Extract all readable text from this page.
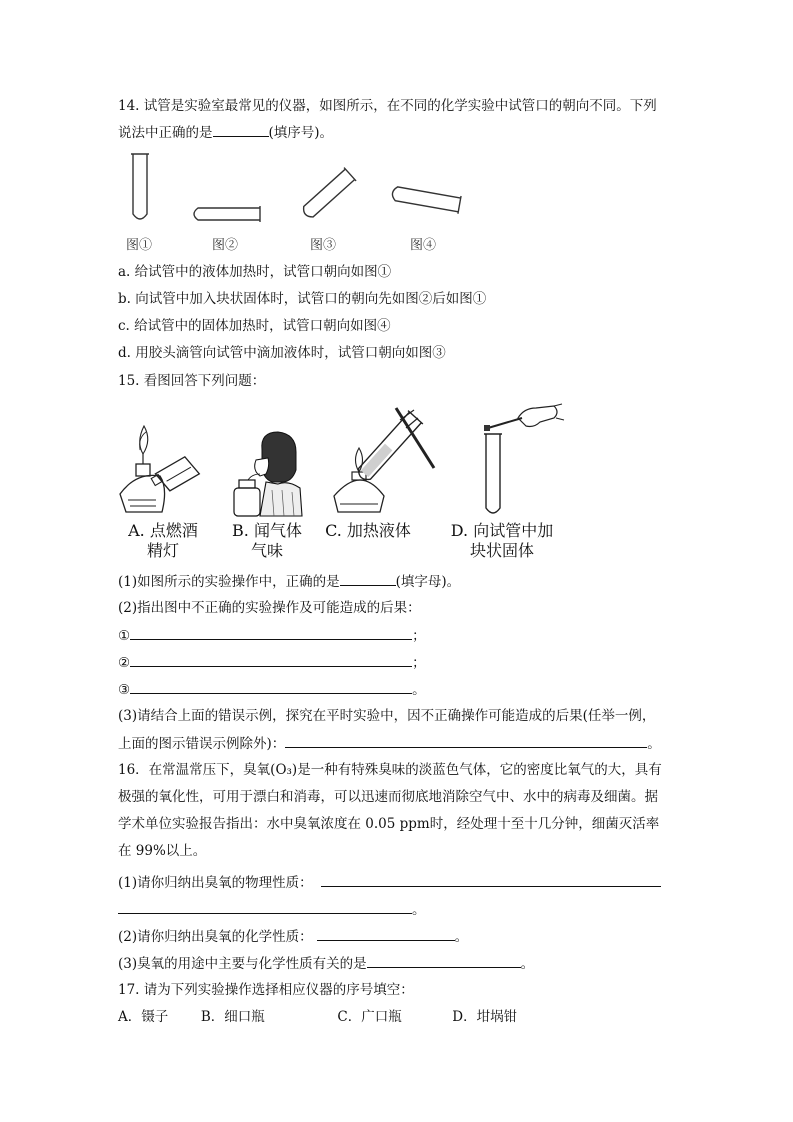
14. 试管是实验室最常见的仪器，如图所示，在不同的化学实验中试管口的朝向不同。下列
说法中正确的是	(填序号)。
图①	图②	图③	图④
a. 给试管中的液体加热时，试管口朝向如图①
b. 向试管中加入块状固体时，试管口的朝向先如图②后如图①
c. 给试管中的固体加热时，试管口朝向如图④
d. 用胶头滴管向试管中滴加液体时，试管口朝向如图③
15. 看图回答下列问题：
A. 点燃酒
精灯
B. 闻气体
气味
C. 加热液体	D. 向试管中加
块状固体
(1)如图所示的实验操作中，正确的是	(填字母)。
(2)指出图中不正确的实验操作及可能造成的后果：
①	；
②	；
③	。
(3)请结合上面的错误示例，探究在平时实验中，因不正确操作可能造成的后果(任举一例，
上面的图示错误示例除外)：	。
16．在常温常压下，臭氧(O₃)是一种有特殊臭味的淡蓝色气体，它的密度比氧气的大，具有
极强的氧化性，可用于漂白和消毒，可以迅速而彻底地消除空气中、水中的病毒及细菌。据
学术单位实验报告指出：水中臭氧浓度在 0.05 ppm时，经处理十至十几分钟，细菌灭活率
在 99%以上。
(1)请你归纳出臭氧的物理性质：
。
(2)请你归纳出臭氧的化学性质：	。
(3)臭氧的用途中主要与化学性质有关的是	。
17. 请为下列实验操作选择相应仪器的序号填空：
A．镊子 B．细口瓶	C．广口瓶	D．坩埚钳
